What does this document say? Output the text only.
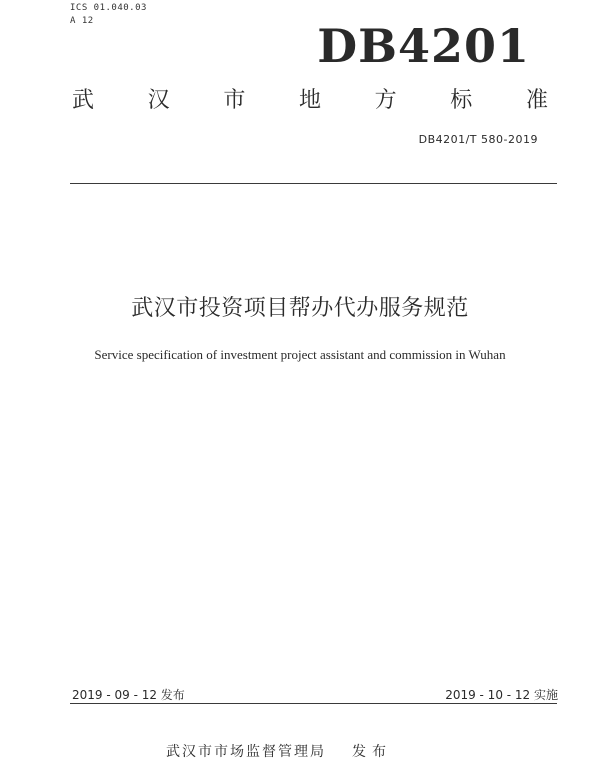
ICS 01.040.03
A 12	DB4201
武 汉 市 地 方 标 准
DB4201/T 580-2019
武汉市投资项目帮办代办服务规范
Service specification of investment project assistant and commission in Wuhan
2019 - 09 - 12 发布	2019 - 10 - 12 实施
武汉市市场监督管理局 发布
